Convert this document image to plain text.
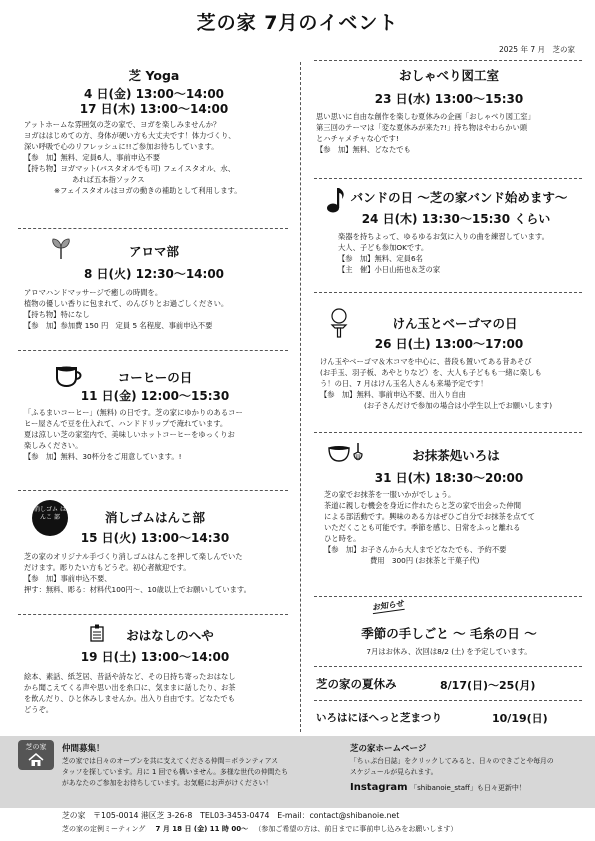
芝の家 7月のイベント
2025 年 7 月　芝の家
芝 Yoga
4 日(金) 13:00〜14:00
17 日(木) 13:00〜14:00

アットホームな雰囲気の芝の家で、ヨガを楽しみませんか？

ヨガははじめての方、身体が硬い方も大丈夫です！体力づくり、

深い呼吸で心のリフレッシュに!!ご参加お待ちしています。

【参　加】無料、定員6人、事前申込不要

【持ち物】ヨガマット(バスタオルでも可) フェイスタオル、水、

あれば五本指ソックス

※フェイスタオルはヨガの動きの補助として利用します。

アロマ部
8 日(火) 12:30〜14:00

アロマハンドマッサージで癒しの時間を。

植物の優しい香りに包まれて、のんびりとお過ごしください。

【持ち物】特になし

【参　加】参加費 150 円　定員 5 名程度、事前申込不要

コーヒーの日
11 日(金) 12:00〜15:30

「ふるまいコーヒー」(無料) の日です。芝の家にゆかりのあるコー

ヒー屋さんで豆を仕入れて、ハンドドリップで淹れています。

夏は涼しい芝の家室内で、美味しいホットコーヒーをゆっくりお

楽しみください。

【参　加】無料、30杯分をご用意しています。!

消しゴム はんこ 部	消しゴムはんこ部
15 日(火) 13:00〜14:30

芝の家のオリジナル手づくり消しゴムはんこを押して楽しんでいた

だけます。彫りたい方もどうぞ。初心者歓迎です。

【参　加】事前申込不要、

押す：無料、彫る：材料代100円〜、10歳以上でお願いしています。

おはなしのへや
19 日(土) 13:00〜14:00

絵本、素話、紙芝居、昔話や詩など、その日持ち寄ったおはなし

から聞こえてくる声や思い出を糸口に、気ままに話したり、お茶

を飲んだり、ひと休みしませんか。出入り自由です。どなたでも

どうぞ。

おしゃべり図工室
23 日(水) 13:00〜15:30

思い思いに自由な創作を楽しむ夏休みの企画「おしゃべり図工室」

第三回のテーマは「変な夏休みが来た?!」持ち物はやわらかい頭

とハチャメチャな心です!

【参　加】無料、どなたでも

バンドの日 〜芝の家バンド始めます〜
24 日(木) 13:30〜15:30 くらい

楽器を持ちよって、ゆるゆるお気に入りの曲を練習しています。

大人、子ども参加OKです。

【参　加】無料、定員6名

【主　催】小日山拓也＆芝の家

けん玉とベーゴマの日
26 日(土) 13:00〜17:00

けん玉やベーゴマ＆木コマを中心に、普段も置いてある昔あそび

(お手玉、羽子板、あやとりなど）を、大人も子どもも一緒に楽しも

う！の日、7 月はけん玉名人さんも来場予定です！

【参　加】無料、事前申込不要、出入り自由

(お子さんだけで参加の場合は小学生以上でお願いします)

お抹茶処いろは
31 日(木) 18:30〜20:00

芝の家でお抹茶を一服いかがでしょう。

茶道に親しむ機会を身近に作れたらと芝の家で出会った仲間

による部活動です。興味のある方はぜひご自分でお抹茶を点てて

いただくことも可能です。季節を感じ、日常をふっと離れる

ひと時を。

【参　加】お子さんから大人までどなたでも、予約不要

費用　300円 (お抹茶と干菓子代)

お知らせ
季節の手しごと 〜 毛糸の日 〜
7月はお休み、次回は8/2 (土) を予定しています。
芝の家の夏休み	8/17(日)〜25(月)
いろはにほへっと芝まつり	10/19(日)
芝の家	仲間募集！

芝の家では日々のオープンを共に支えてくださる仲間＝ボランティアス

タッフを探しています。月に 1 回でも構いません。多様な世代の仲間たち

があなたのご参加をお待ちしています。お気軽にお声がけください！

芝の家ホームページ

「ちぃぷ台日誌」をクリックしてみると、日々のできごとや毎月の

スケジュールが見られます。

Instagram 「shibanoie_staff」も日々更新中！
芝の家　〒105-0014 港区芝 3-26-8　TEL03-3453-0474　E-mail：contact@shibanoie.net
芝の家の定例ミーティング 7 月 18 日 (金) 11 時 00〜 （参加ご希望の方は、前日までに事前申し込みをお願いします）
